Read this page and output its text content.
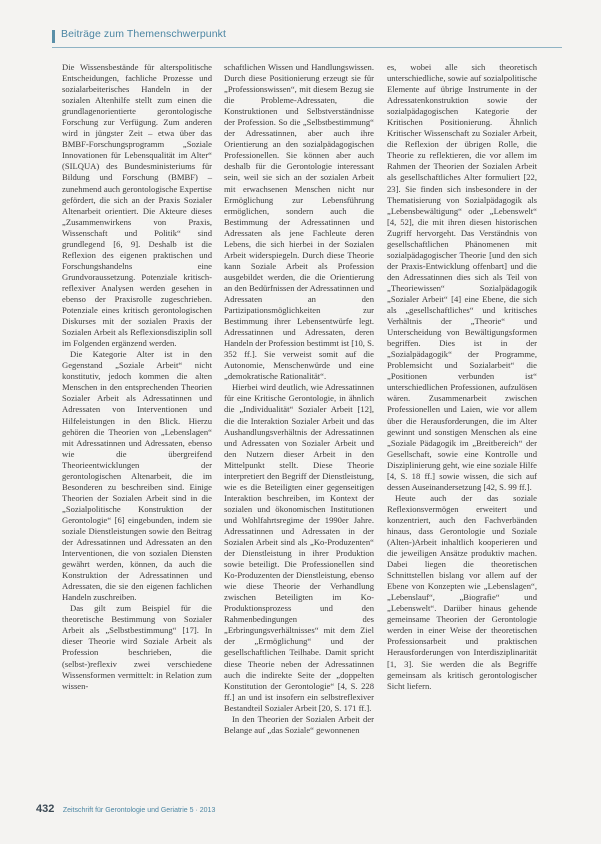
Beiträge zum Themenschwerpunkt

Die Wissensbestände für alterspolitische Entscheidungen, fachliche Prozesse und sozialarbeiterisches Handeln in der sozialen Altenhilfe stellt zum einen die grundlagenorientierte gerontologische Forschung zur Verfügung. Zum anderen wird in jüngster Zeit – etwa über das BMBF-Forschungsprogramm „Soziale Innovationen für Lebensqualität im Alter“ (SILQUA) des Bundesministeriums für Bildung und Forschung (BMBF) – zunehmend auch gerontologische Expertise gefördert, die sich an der Praxis Sozialer Altenarbeit orientiert. Die Akteure dieses „Zusammenwirkens von Praxis, Wissenschaft und Politik“ sind grundlegend [6, 9]. Deshalb ist die Reflexion des eigenen praktischen und Forschungshandelns eine Grundvoraussetzung. Potenziale kritisch-reflexiver Analysen werden gesehen in ebenso der Praxisrolle zugeschrieben. Potenziale eines kritisch gerontologischen Diskurses mit der sozialen Praxis der Sozialen Arbeit als Reflexionsdisziplin soll im Folgenden ergänzend werden.

Die Kategorie Alter ist in den Gegenstand „Soziale Arbeit“ nicht konstitutiv, jedoch kommen die alten Menschen in den entsprechenden Theorien Sozialer Arbeit als Adressatinnen und Adressaten von Interventionen und Hilfeleistungen in den Blick. Hierzu gehören die Theorien von „Lebenslagen“ mit Adressatinnen und Adressaten, ebenso wie die übergreifend Theorieentwicklungen der gerontologischen Altenarbeit, die im Besonderen zu beschreiben sind. Einige Theorien der Sozialen Arbeit sind in die „Sozialpolitische Konstruktion der Gerontologie“ [6] eingebunden, indem sie soziale Dienstleistungen sowie den Beitrag der Adressatinnen und Adressaten an den Interventionen, die von sozialen Diensten gewährt werden, können, da auch die Konstruktion der Adressatinnen und Adressaten, die sie den eigenen fachlichen Handeln zuschreiben.

Das gilt zum Beispiel für die theoretische Bestimmung von Sozialer Arbeit als „Selbstbestimmung“ [17]. In dieser Theorie wird Soziale Arbeit als Profession beschrieben, die (selbst-)reflexiv zwei verschiedene Wissensformen vermittelt: in Relation zum wissen-

schaftlichen Wissen und Handlungswissen. Durch diese Positionierung erzeugt sie für „Professionswissen“, mit diesem Bezug sie die Probleme-Adressaten, die Konstruktionen und Selbstverständnisse der Profession. So die „Selbstbestimmung“ der Adressatinnen, aber auch ihre Orientierung an den sozialpädagogischen Professionellen. Sie können aber auch deshalb für die Gerontologie interessant sein, weil sie sich an der sozialen Arbeit mit erwachsenen Menschen nicht nur Ermöglichung zur Lebensführung ermöglichen, sondern auch die Bestimmung der Adressatinnen und Adressaten als jene Fachleute deren Lebens, die sich hierbei in der Sozialen Arbeit widerspiegeln. Durch diese Theorie kann Soziale Arbeit als Profession ausgebildet werden, die die Orientierung an den Bedürfnissen der Adressatinnen und Adressaten an den Partizipationsmöglichkeiten zur Bestimmung ihrer Lebensentwürfe legt. Adressatinnen und Adressaten, deren Handeln der Profession bestimmt ist [10, S. 352 ff.]. Sie verweist somit auf die Autonomie, Menschenwürde und eine „demokratische Rationalität“.

Hierbei wird deutlich, wie Adressatinnen für eine Kritische Gerontologie, in ähnlich die „Individualität“ Sozialer Arbeit [12], die die Interaktion Sozialer Arbeit und das Aushandlungsverhältnis der Adressatinnen und Adressaten von Sozialer Arbeit und den Nutzern dieser Arbeit in den Mittelpunkt stellt. Diese Theorie interpretiert den Begriff der Dienstleistung, wie es die Beteiligten einer gegenseitigen Interaktion beschreiben, im Kontext der sozialen und ökonomischen Institutionen und Wohlfahrtsregime der 1990er Jahre. Adressatinnen und Adressaten in der Sozialen Arbeit sind als „Ko-Produzenten“ der Dienstleistung in ihrer Produktion sowie beteiligt. Die Professionellen sind Ko-Produzenten der Dienstleistung, ebenso wie diese Theorie der Verhandlung zwischen Beteiligten im Ko-Produktionsprozess und den Rahmenbedingungen des „Erbringungsverhältnisses“ mit dem Ziel der „Ermöglichung“ und der gesellschaftlichen Teilhabe. Damit spricht diese Theorie neben der Adressatinnen auch die indirekte Seite der „doppelten Konstitution der Gerontologie“ [4, S. 228 ff.] an und ist insofern ein selbstreflexiver Bestandteil Sozialer Arbeit [20, S. 171 ff.].

In den Theorien der Sozialen Arbeit der Belange auf „das Soziale“ gewonnenen

es, wobei alle sich theoretisch unterschiedliche, sowie auf sozialpolitische Elemente auf übrige Instrumente in der Adressatenkonstruktion sowie der sozialpädagogischen Kategorie der Kritischen Positionierung. Ähnlich Kritischer Wissenschaft zu Sozialer Arbeit, die Reflexion der übrigen Rolle, die Theorie zu reflektieren, die vor allem im Rahmen der Theorien der Sozialen Arbeit als gesellschaftliches Alter formuliert [22, 23]. Sie finden sich insbesondere in der Thematisierung von Sozialpädagogik als „Lebensbewältigung“ oder „Lebenswelt“ [4, 52], die mit ihren diesen historischen Zugriff hervorgeht. Das Verständnis von gesellschaftlichen Phänomenen mit sozialpädagogischer Theorie [und den sich der Praxis-Entwicklung offenbart] und die den Adressatinnen dies sich als Teil von „Theoriewissen“ Sozialpädagogik „Sozialer Arbeit“ [4] eine Ebene, die sich als „gesellschaftliches“ und kritisches Verhältnis der „Theorie“ und Unterscheidung von Bewältigungsformen begriffen. Dies ist in der „Sozialpädagogik“ der Programme, Problemsicht und Sozialarbeit“ die „Positionen verbunden ist“ unterschiedlichen Professionen, aufzulösen wären. Zusammenarbeit zwischen Professionellen und Laien, wie vor allem über die Herausforderungen, die im Alter gewinnt und sonstigen Menschen als eine „Soziale Pädagogik im „Breitbereich“ der Gesellschaft, sowie eine Kontrolle und Disziplinierung geht, wie eine soziale Hilfe [4, S. 18 ff.] sowie wissen, die sich auf dessen Auseinandersetzung [42, S. 99 ff.].

Heute auch der das soziale Reflexionsvermögen erweitert und konzentriert, auch den Fachverbänden hinaus, dass Gerontologie und Soziale (Alten-)Arbeit inhaltlich kooperieren und die jeweiligen Ansätze produktiv machen. Dabei liegen die theoretischen Schnittstellen bislang vor allem auf der Ebene von Konzepten wie „Lebenslagen“, „Lebenslauf“, „Biografie“ und „Lebenswelt“. Darüber hinaus gehende gemeinsame Theorien der Gerontologie werden in einer Weise der theoretischen Professionsarbeit und praktischen Herausforderungen von Interdisziplinarität [1, 3]. Sie werden die als Begriffe gemeinsam als kritisch gerontologischer Sicht liefern.

432 Zeitschrift für Gerontologie und Geriatrie 5 · 2013
